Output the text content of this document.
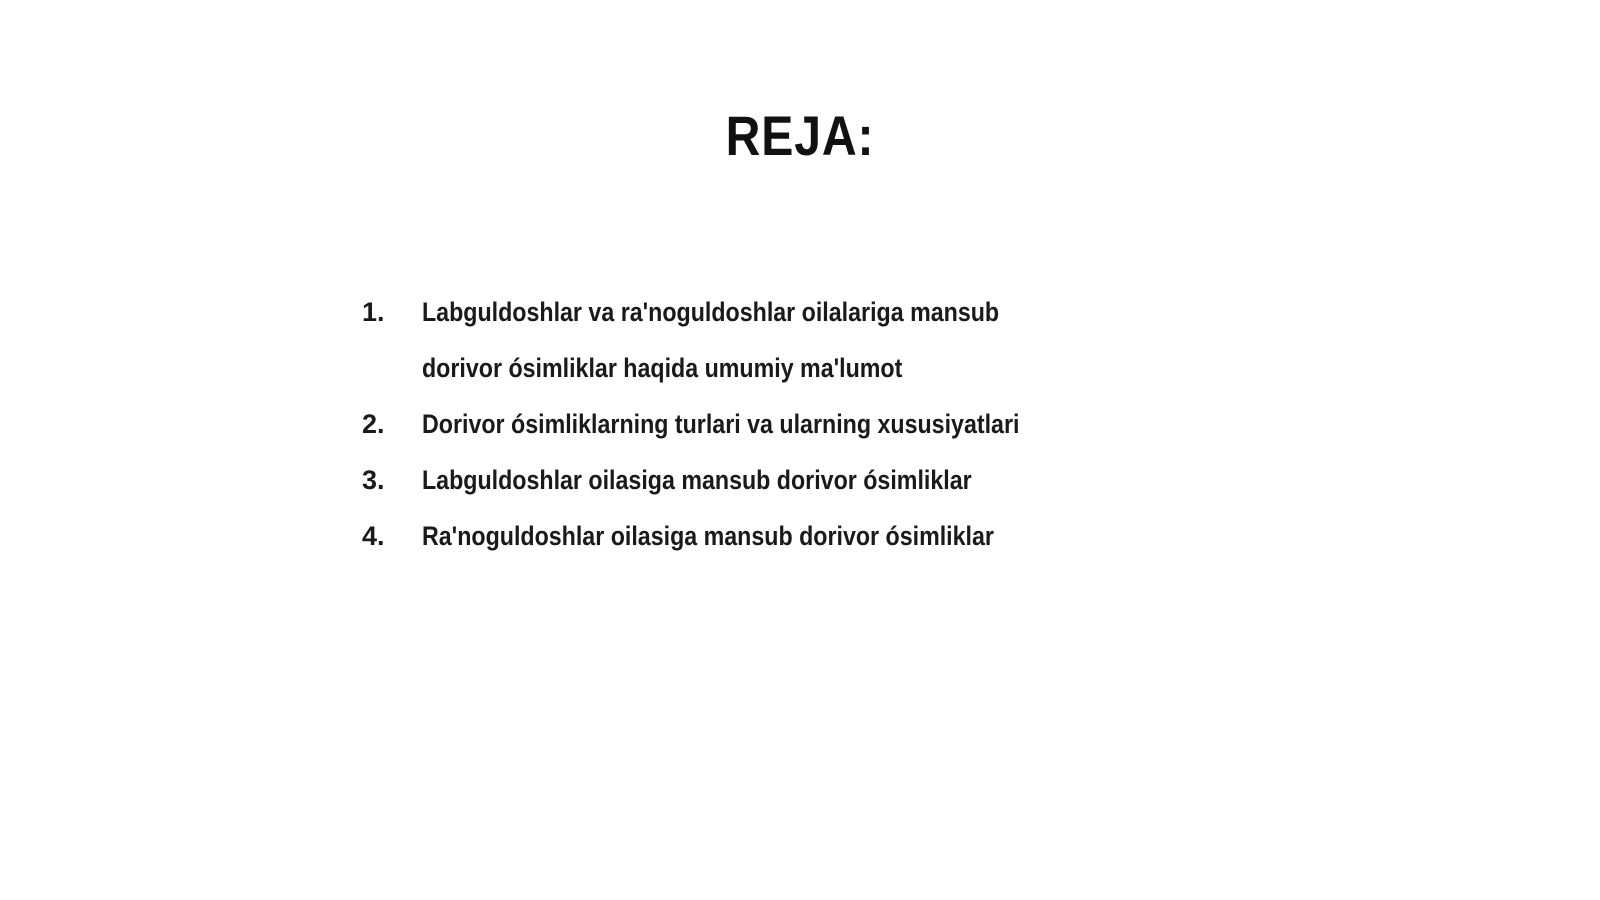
REJA:
1.	Labguldoshlar va ra'noguldoshlar oilalariga mansub dorivor ósimliklar haqida umumiy ma'lumot
2.	Dorivor ósimliklarning turlari va ularning xususiyatlari
3.	Labguldoshlar oilasiga mansub dorivor ósimliklar
4.	Ra'noguldoshlar oilasiga mansub dorivor ósimliklar
